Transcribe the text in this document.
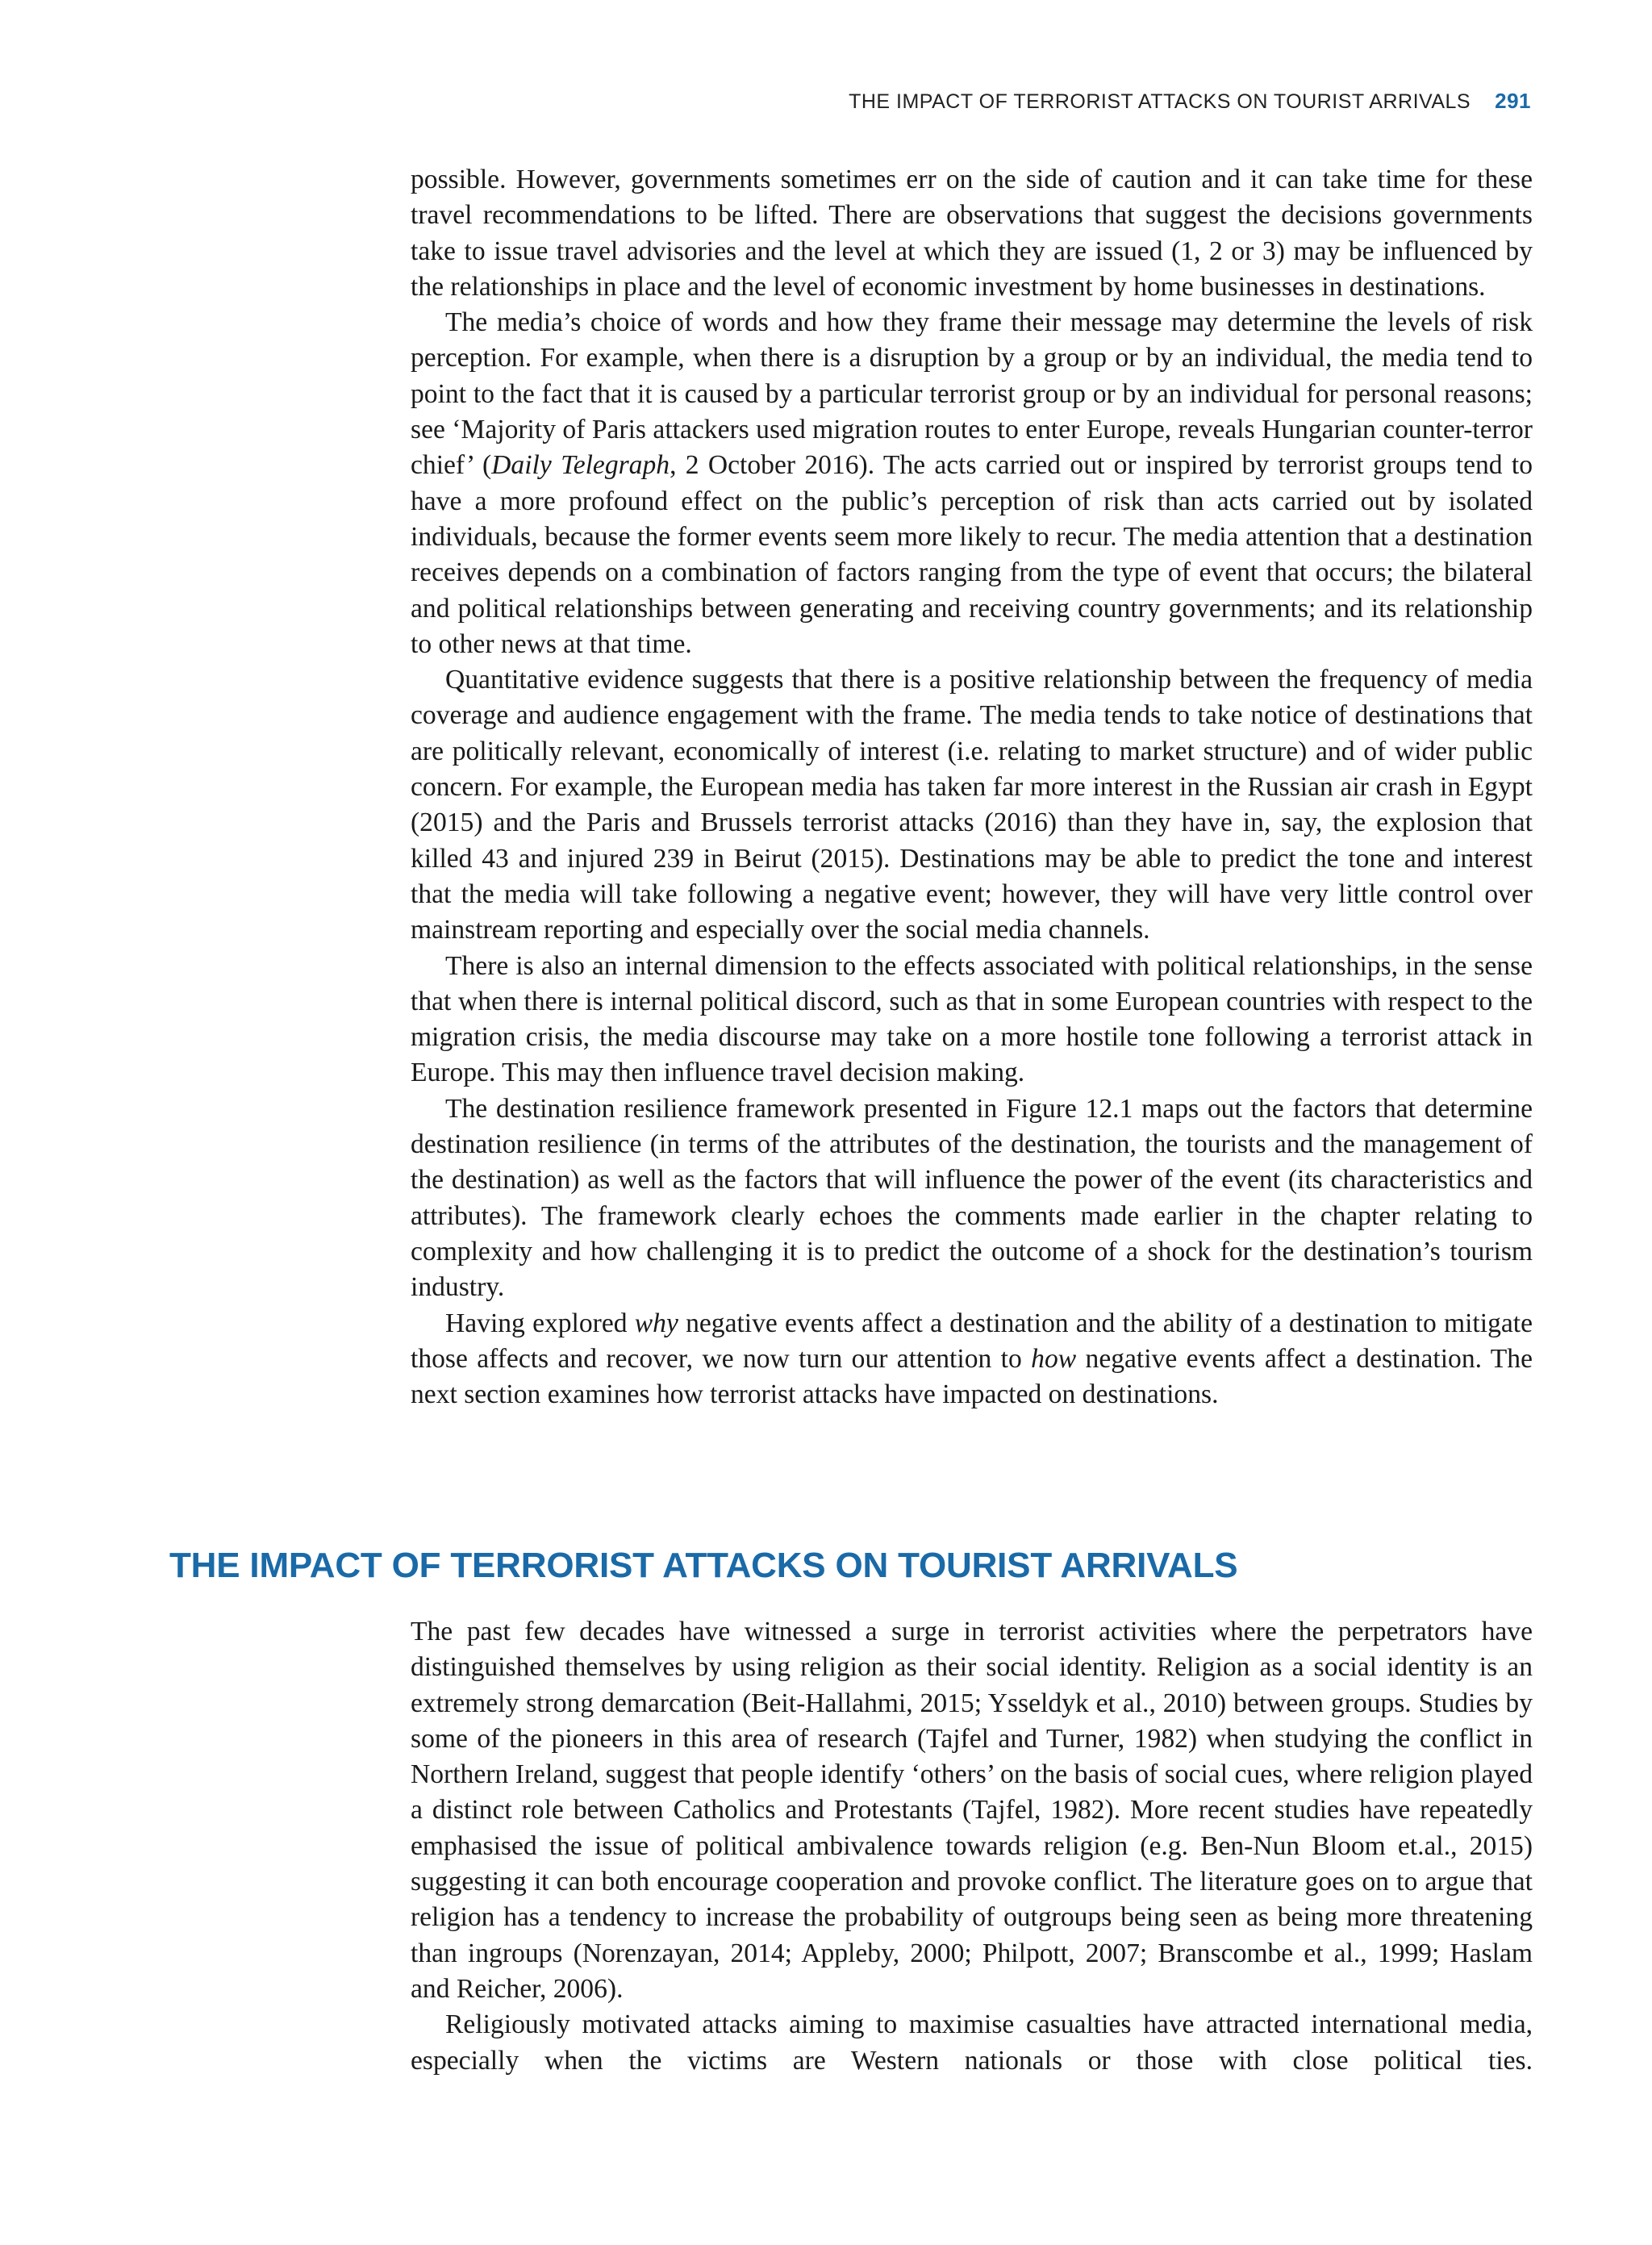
THE IMPACT OF TERRORIST ATTACKS ON TOURIST ARRIVALS 291

possible. However, governments sometimes err on the side of caution and it can take time for these travel recommendations to be lifted. There are observations that suggest the decisions governments take to issue travel advisories and the level at which they are issued (1, 2 or 3) may be influenced by the relationships in place and the level of economic investment by home businesses in destinations.

The media’s choice of words and how they frame their message may determine the levels of risk perception. For example, when there is a disruption by a group or by an individual, the media tend to point to the fact that it is caused by a particular terrorist group or by an individual for personal reasons; see ‘Majority of Paris attackers used migration routes to enter Europe, reveals Hungarian counter-terror chief’ (Daily Telegraph, 2 October 2016). The acts carried out or inspired by terrorist groups tend to have a more profound effect on the public’s perception of risk than acts carried out by isolated individuals, because the former events seem more likely to recur. The media attention that a destination receives depends on a combination of factors ranging from the type of event that occurs; the bilateral and political relationships between generating and receiving country governments; and its relationship to other news at that time.

Quantitative evidence suggests that there is a positive relationship between the frequency of media coverage and audience engagement with the frame. The media tends to take notice of destinations that are politically relevant, economically of interest (i.e. relating to market structure) and of wider public concern. For example, the European media has taken far more interest in the Russian air crash in Egypt (2015) and the Paris and Brussels terrorist attacks (2016) than they have in, say, the explosion that killed 43 and injured 239 in Beirut (2015). Destinations may be able to predict the tone and interest that the media will take following a negative event; however, they will have very little control over mainstream reporting and especially over the social media channels.

There is also an internal dimension to the effects associated with political relationships, in the sense that when there is internal political discord, such as that in some European countries with respect to the migration crisis, the media discourse may take on a more hostile tone following a terrorist attack in Europe. This may then influence travel decision making.

The destination resilience framework presented in Figure 12.1 maps out the factors that determine destination resilience (in terms of the attributes of the destination, the tourists and the management of the destination) as well as the factors that will influence the power of the event (its characteristics and attributes). The framework clearly echoes the comments made earlier in the chapter relating to complexity and how challenging it is to predict the outcome of a shock for the destination’s tourism industry.

Having explored why negative events affect a destination and the ability of a destination to mitigate those affects and recover, we now turn our attention to how negative events affect a destination. The next section examines how terrorist attacks have impacted on destinations.

THE IMPACT OF TERRORIST ATTACKS ON TOURIST ARRIVALS

The past few decades have witnessed a surge in terrorist activities where the perpetrators have distinguished themselves by using religion as their social identity. Religion as a social identity is an extremely strong demarcation (Beit-Hallahmi, 2015; Ysseldyk et al., 2010) between groups. Studies by some of the pioneers in this area of research (Tajfel and Turner, 1982) when studying the conflict in Northern Ireland, suggest that people identify ‘others’ on the basis of social cues, where religion played a distinct role between Catholics and Protestants (Tajfel, 1982). More recent studies have repeatedly emphasised the issue of political ambivalence towards religion (e.g. Ben-Nun Bloom et.al., 2015) suggesting it can both encourage cooperation and provoke conflict. The literature goes on to argue that religion has a tendency to increase the probability of outgroups being seen as being more threatening than ingroups (Norenzayan, 2014; Appleby, 2000; Philpott, 2007; Branscombe et al., 1999; Haslam and Reicher, 2006).

Religiously motivated attacks aiming to maximise casualties have attracted international media, especially when the victims are Western nationals or those with close political ties.
